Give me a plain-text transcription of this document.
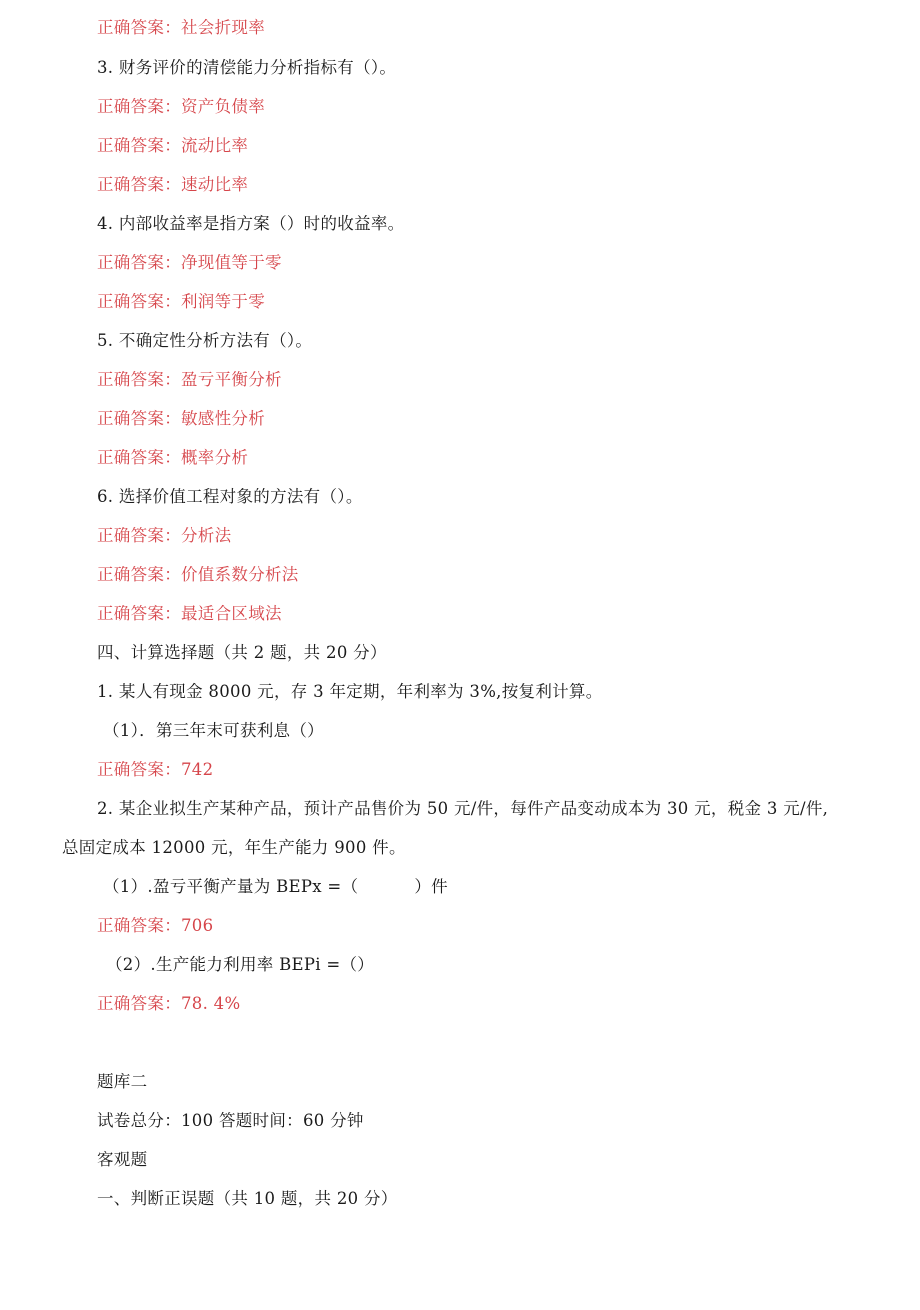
正确答案：社会折现率
3. 财务评价的清偿能力分析指标有（）。
正确答案：资产负债率
正确答案：流动比率
正确答案：速动比率
4. 内部收益率是指方案（）时的收益率。
正确答案：净现值等于零
正确答案：利润等于零
5. 不确定性分析方法有（）。
正确答案：盈亏平衡分析
正确答案：敏感性分析
正确答案：概率分析
6. 选择价值工程对象的方法有（）。
正确答案：分析法
正确答案：价值系数分析法
正确答案：最适合区域法
四、计算选择题（共 2 题，共 20 分）
1. 某人有现金 8000 元，存 3 年定期，年利率为 3%,按复利计算。
（1）．第三年末可获利息（）
正确答案：742
2. 某企业拟生产某种产品，预计产品售价为 50 元/件，每件产品变动成本为 30 元，税金 3 元/件,
总固定成本 12000 元，年生产能力 900 件。
（1）.盈亏平衡产量为 BEPx =（	）件
正确答案：706
（2）.生产能力利用率 BEPi =（）
正确答案：78. 4%
题库二
试卷总分：100 答题时间：60 分钟
客观题
一、判断正误题（共 10 题，共 20 分）
